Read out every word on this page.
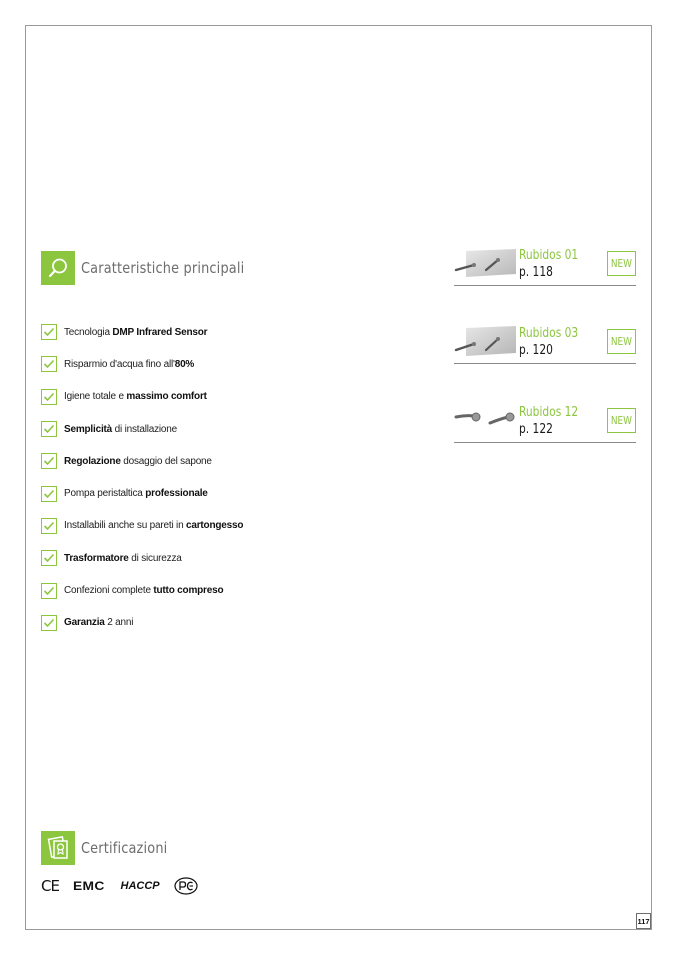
Caratteristiche principali
Tecnologia DMP Infrared Sensor
Risparmio d'acqua fino all'80%
Igiene totale e massimo comfort
Semplicità di installazione
Regolazione dosaggio del sapone
Pompa peristaltica professionale
Installabili anche su pareti in cartongesso
Trasformatore di sicurezza
Confezioni complete tutto compreso
Garanzia 2 anni
Rubidos 01
p. 118
NEW
Rubidos 03
p. 120
NEW
Rubidos 12
p. 122
NEW
Certificazioni
CE EMC HACCP
117
